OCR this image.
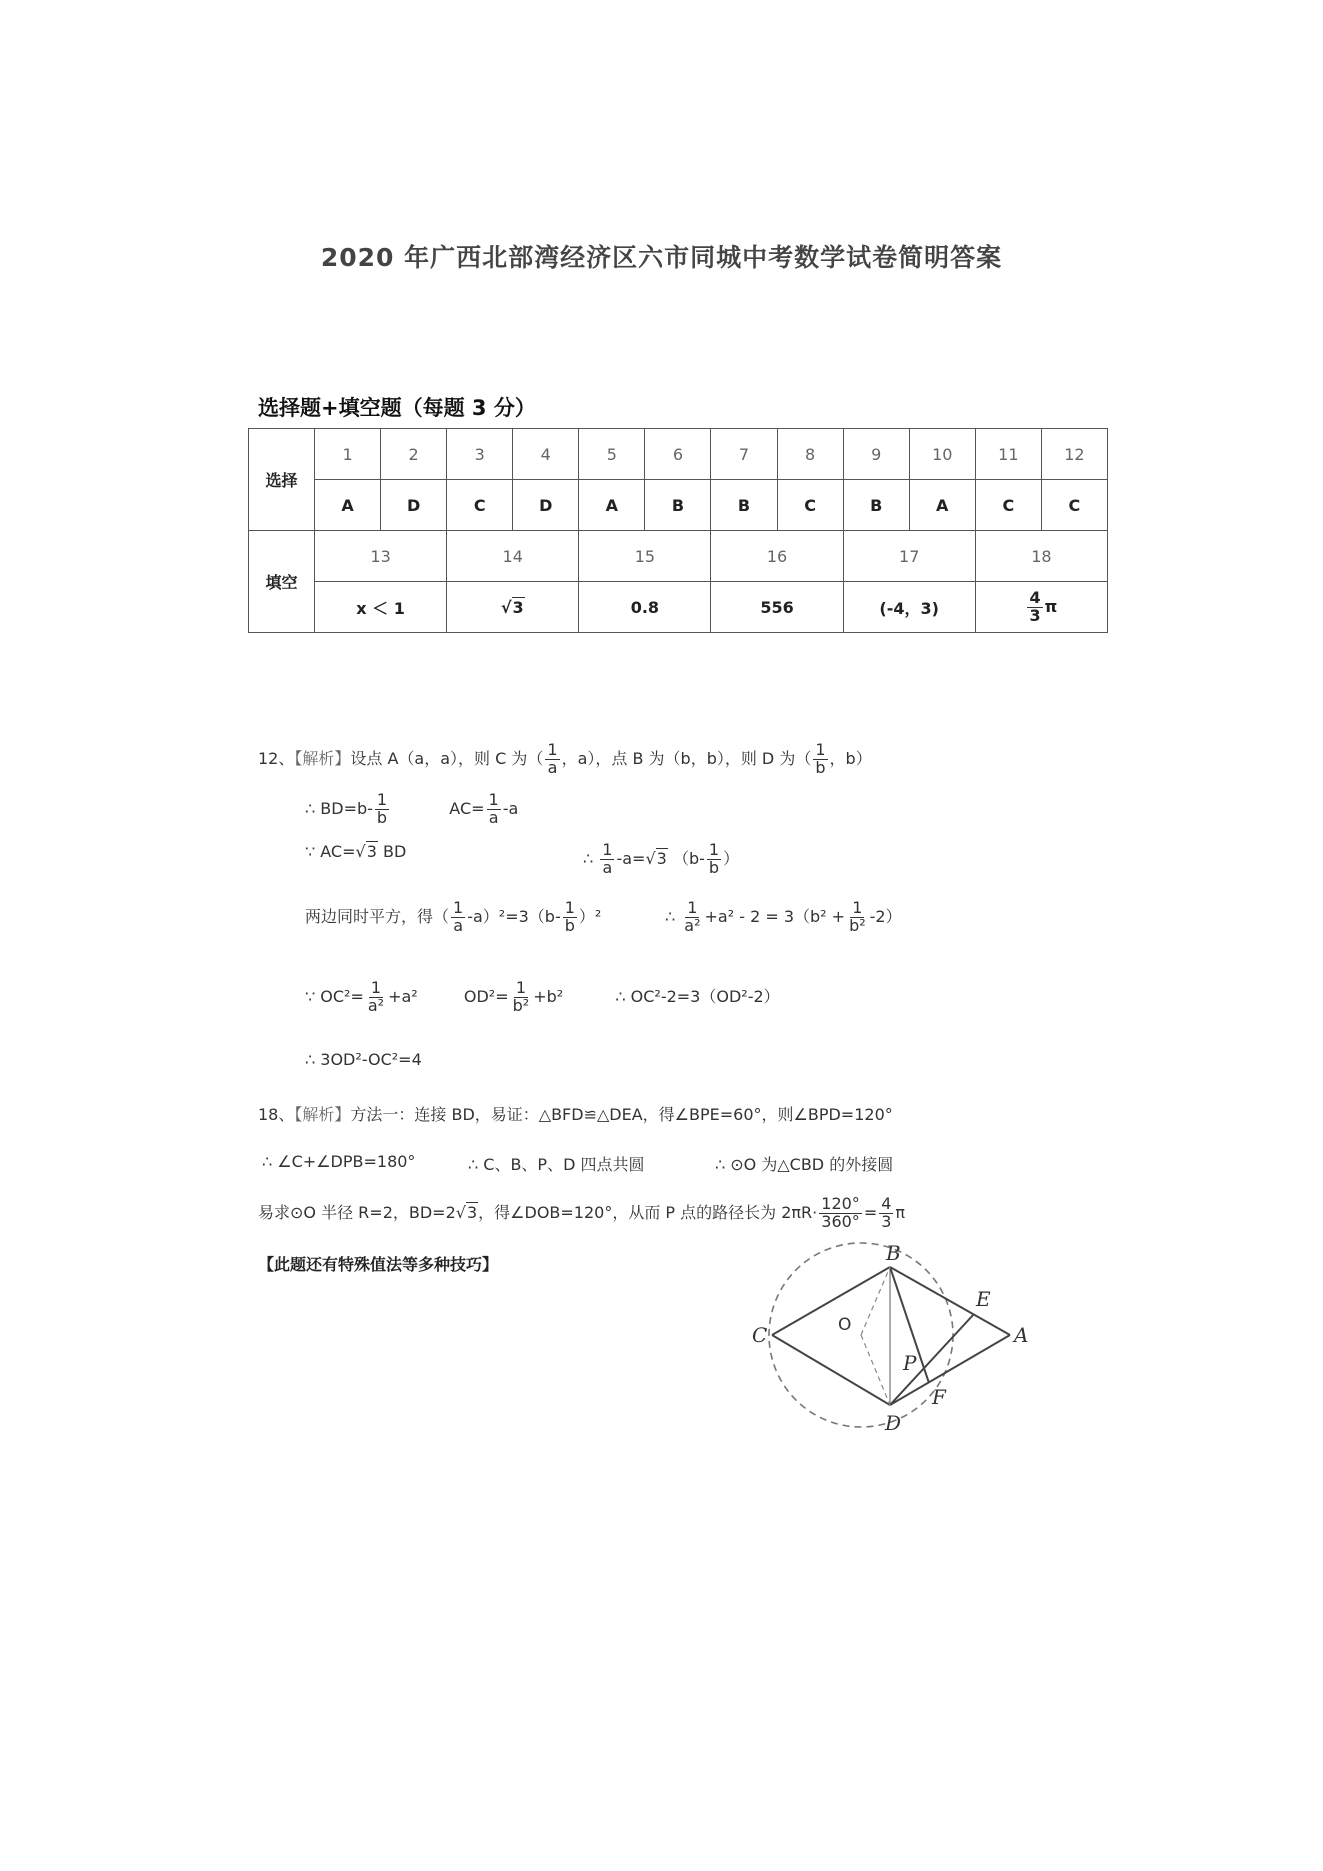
2020 年广西北部湾经济区六市同城中考数学试卷简明答案
选择题+填空题（每题 3 分）
选择	1	2	3	4	5	6	7	8	9	10	11	12
	A	D	C	D	A	B	B	C	B	A	C	C
填空	13		14		15		16		17		18	
	x ＜ 1		√3		0.8		556		(-4，3)		$\frac{4}{3}$ π	
12、【解析】设点 A（a，a），则 C 为（ $\frac{1}{a}$ ，a），点 B 为（b，b），则 D 为（ $\frac{1}{b}$ ，b）
∴ $BD=b- \frac{1}{b}$	$AC= \frac{1}{a} -a$
∵ AC=√3 BD	∴ $\frac{1}{a} -a=√3$ （$b- \frac{1}{b}$ ）
两边同时平方，得（ $\frac{1}{a} -a)^2=3(b- \frac{1}{b} )^2$	∴ $\frac{1}{\text{a²}} +a^2 - 2 = 3(b^2 + \frac{1}{\text{b²}} -2)$
∵ $OC^2= \frac{1}{\text{a²}} +a^2$	$OD^2= \frac{1}{\text{b²}} +b^2$	∴ OC²-2=3（OD²-2）
∴ 3OD²-OC²=4
18、【解析】方法一：连接 BD，易证：△BFD≌△DEA，得∠BPE=60°，则∠BPD=120°
∴ ∠C+∠DPB=180°	∴ C、B、P、D 四点共圆	∴ ⊙O 为△CBD 的外接圆
易求⊙O 半径 R=2，BD=2√3，得∠DOB=120°，从而 P 点的路径长为 $2\pi R\cdot \frac{120^\circ}{360^\circ} = \frac{4}{3}$ π
【此题还有特殊值法等多种技巧】	B
C	A
D
E
P
F
O
